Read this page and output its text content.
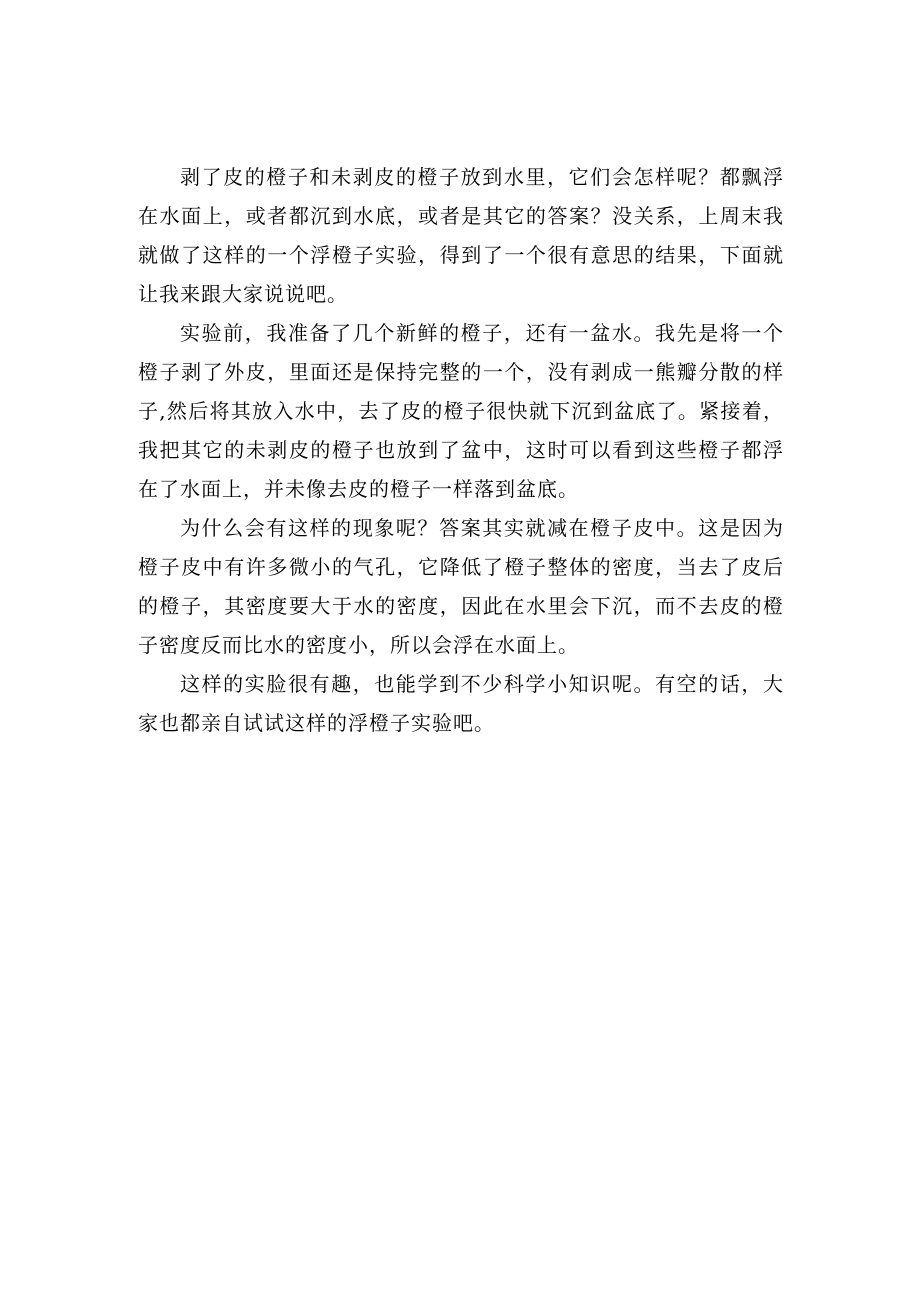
剥了皮的橙子和未剥皮的橙子放到水里，它们会怎样呢？都飘浮在水面上，或者都沉到水底，或者是其它的答案？没关系，上周末我就做了这样的一个浮橙子实验，得到了一个很有意思的结果，下面就让我来跟大家说说吧。

实验前，我准备了几个新鲜的橙子，还有一盆水。我先是将一个橙子剥了外皮，里面还是保持完整的一个，没有剥成一熊瓣分散的样子,然后将其放入水中，去了皮的橙子很快就下沉到盆底了。紧接着，我把其它的未剥皮的橙子也放到了盆中，这时可以看到这些橙子都浮在了水面上，并未像去皮的橙子一样落到盆底。

为什么会有这样的现象呢？答案其实就减在橙子皮中。这是因为橙子皮中有许多微小的气孔，它降低了橙子整体的密度，当去了皮后的橙子，其密度要大于水的密度，因此在水里会下沉，而不去皮的橙子密度反而比水的密度小，所以会浮在水面上。

这样的实脸很有趣，也能学到不少科学小知识呢。有空的话，大家也都亲自试试这样的浮橙子实验吧。
